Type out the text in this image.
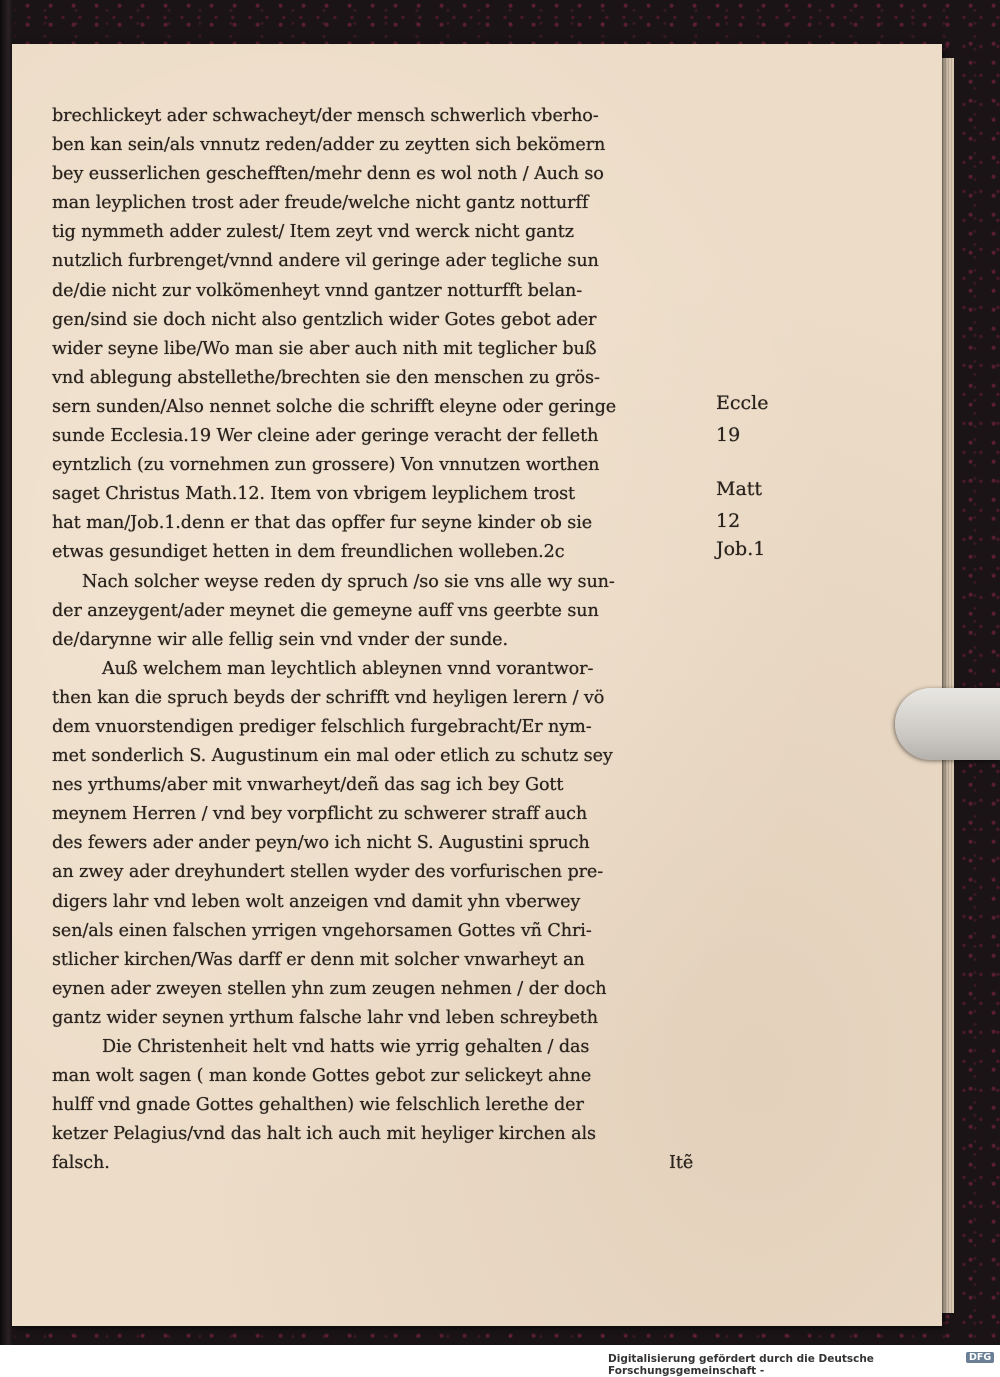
brechlickeyt ader schwacheyt/der mensch schwerlich vberho-
ben kan sein/als vnnutz reden/adder zu zeytten sich bekömern
bey eusserlichen geschefften/mehr denn es wol noth / Auch so
man leyplichen trost ader freude/welche nicht gantz notturff
tig nymmeth adder zulest/ Item zeyt vnd werck nicht gantz
nutzlich furbrenget/vnnd andere vil geringe ader tegliche sun
de/die nicht zur volkömenheyt vnnd gantzer notturfft belan-
gen/sind sie doch nicht also gentzlich wider Gotes gebot ader
wider seyne libe/Wo man sie aber auch nith mit teglicher buß
vnd ablegung abstellethe/brechten sie den menschen zu grös-
sern sunden/Also nennet solche die schrifft eleyne oder geringe
sunde Ecclesia.19 Wer cleine ader geringe veracht der felleth
eyntzlich (zu vornehmen zun grossere) Von vnnutzen worthen
saget Christus Math.12. Item von vbrigem leyplichem trost
hat man/Job.1.denn er that das opffer fur seyne kinder ob sie
etwas gesundiget hetten in dem freundlichen wolleben.2c
Nach solcher weyse reden dy spruch /so sie vns alle wy sun-
der anzeygent/ader meynet die gemeyne auff vns geerbte sun
de/darynne wir alle fellig sein vnd vnder der sunde.
Auß welchem man leychtlich ableynen vnnd vorantwor-
then kan die spruch beyds der schrifft vnd heyligen lerern / vö
dem vnuorstendigen prediger felschlich furgebracht/Er nym-
met sonderlich S. Augustinum ein mal oder etlich zu schutz sey
nes yrthums/aber mit vnwarheyt/deñ das sag ich bey Gott
meynem Herren / vnd bey vorpflicht zu schwerer straff auch
des fewers ader ander peyn/wo ich nicht S. Augustini spruch
an zwey ader dreyhundert stellen wyder des vorfurischen pre-
digers lahr vnd leben wolt anzeigen vnd damit yhn vberwey
sen/als einen falschen yrrigen vngehorsamen Gottes vñ Chri-
stlicher kirchen/Was darff er denn mit solcher vnwarheyt an
eynen ader zweyen stellen yhn zum zeugen nehmen / der doch
gantz wider seynen yrthum falsche lahr vnd leben schreybeth
Die Christenheit helt vnd hatts wie yrrig gehalten / das
man wolt sagen ( man konde Gottes gebot zur selickeyt ahne
hulff vnd gnade Gottes gehalthen) wie felschlich lerethe der
ketzer Pelagius/vnd das halt ich auch mit heyliger kirchen als
falsch.	Itẽ
Eccle
19
Matt
12
Job.1
Digitalisierung gefördert durch die Deutsche Forschungsgemeinschaft -
DFG
